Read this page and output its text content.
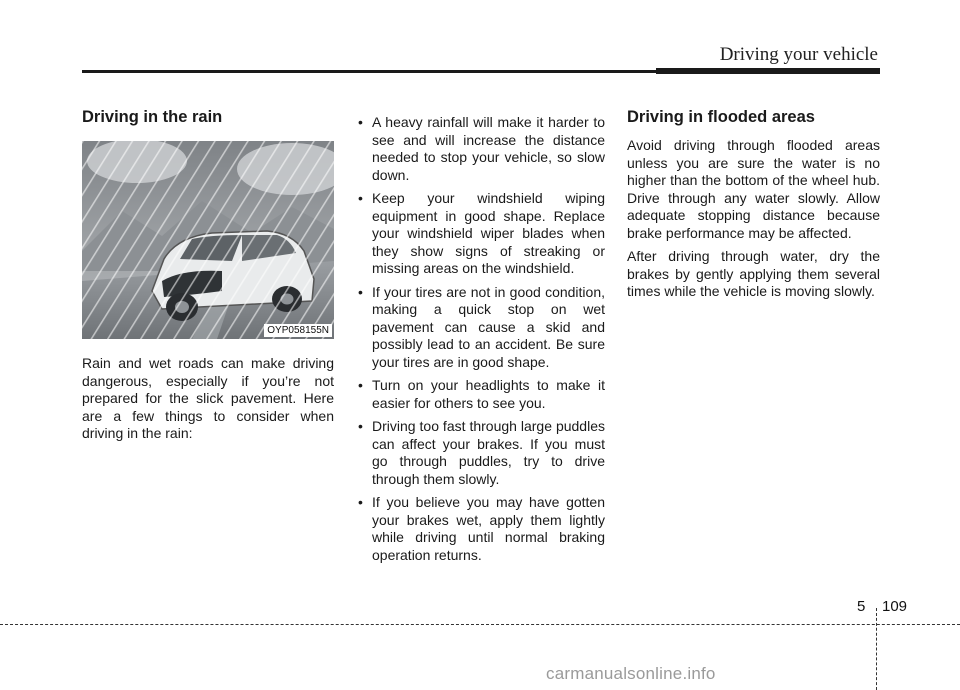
Driving your vehicle
Driving in the rain
OYP058155N

Rain and wet roads can make driving dangerous, especially if you’re not prepared for the slick pavement. Here are a few things to consider when driving in the rain:

• A heavy rainfall will make it harder to see and will increase the distance needed to stop your vehicle, so slow down.
• Keep your windshield wiping equipment in good shape. Replace your windshield wiper blades when they show signs of streaking or missing areas on the windshield.
• If your tires are not in good condition, making a quick stop on wet pavement can cause a skid and possibly lead to an accident. Be sure your tires are in good shape.
• Turn on your headlights to make it easier for others to see you.
• Driving too fast through large puddles can affect your brakes. If you must go through puddles, try to drive through them slowly.
• If you believe you may have gotten your brakes wet, apply them lightly while driving until normal braking operation returns.
Driving in flooded areas

Avoid driving through flooded areas unless you are sure the water is no higher than the bottom of the wheel hub. Drive through any water slowly. Allow adequate stopping distance because brake performance may be affected.

After driving through water, dry the brakes by gently applying them several times while the vehicle is moving slowly.

5 109
carmanualsonline.info
